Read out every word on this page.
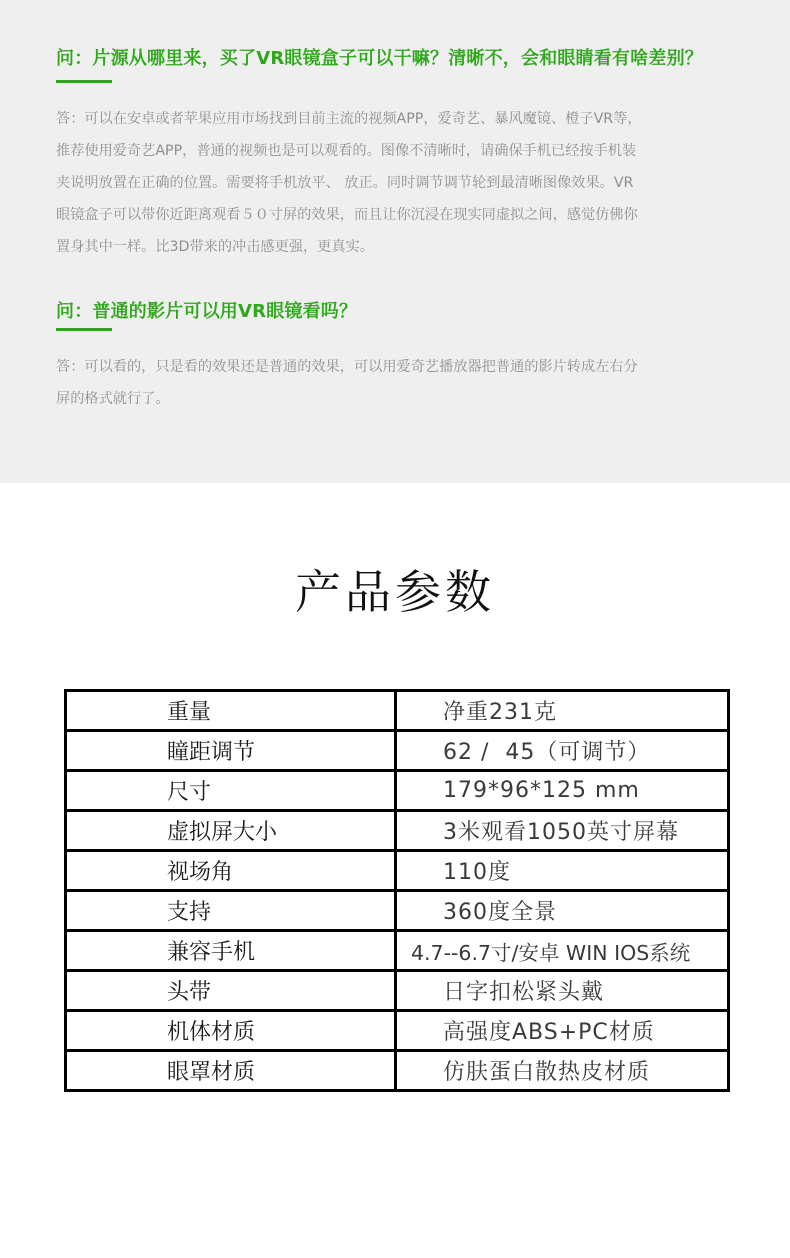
问：片源从哪里来，买了VR眼镜盒子可以干嘛？清晰不，会和眼睛看有啥差别？
答：可以在安卓或者苹果应用市场找到目前主流的视频APP，爱奇艺、暴风魔镜、橙子VR等，
推荐使用爱奇艺APP，普通的视频也是可以观看的。图像不清晰时，请确保手机已经按手机装
夹说明放置在正确的位置。需要将手机放平、 放正。同时调节调节轮到最清晰图像效果。VR
眼镜盒子可以带你近距离观看５０寸屏的效果，而且让你沉浸在现实同虚拟之间，感觉仿佛你
置身其中一样。比3D带来的冲击感更强，更真实。
问：普通的影片可以用VR眼镜看吗？
答：可以看的，只是看的效果还是普通的效果，可以用爱奇艺播放器把普通的影片转成左右分
屏的格式就行了。
产品参数
重量	净重231克
瞳距调节	62 /  45（可调节）
尺寸	179*96*125 mm
虚拟屏大小	3米观看1050英寸屏幕
视场角	110度
支持	360度全景
兼容手机	4.7--6.7寸/安卓 WIN IOS系统
头带	日字扣松紧头戴
机体材质	高强度ABS+PC材质
眼罩材质	仿肤蛋白散热皮材质
